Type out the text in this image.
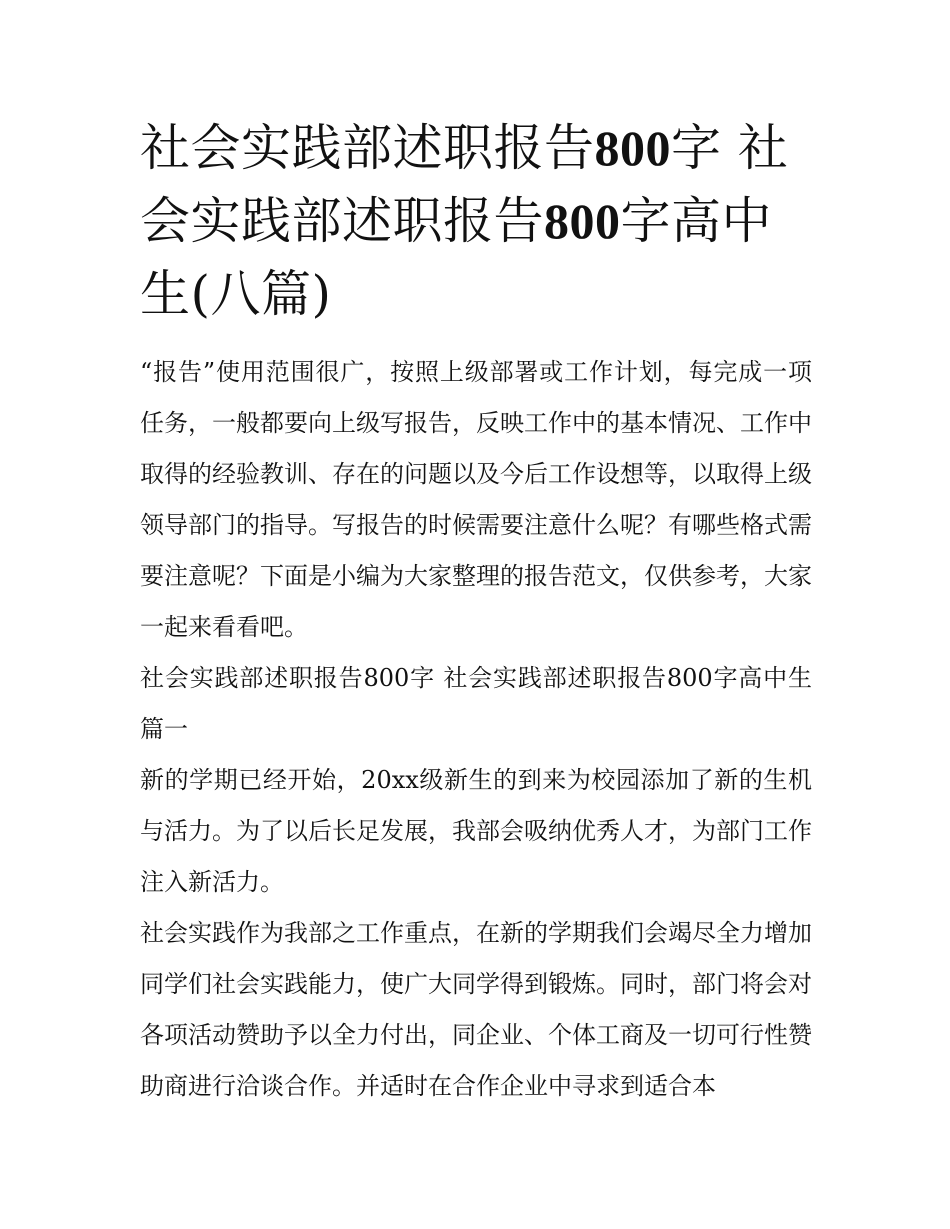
社会实践部述职报告800字 社会实践部述职报告800字高中生(八篇)

“报告”使用范围很广，按照上级部署或工作计划，每完成一项任务，一般都要向上级写报告，反映工作中的基本情况、工作中取得的经验教训、存在的问题以及今后工作设想等，以取得上级领导部门的指导。写报告的时候需要注意什么呢？有哪些格式需要注意呢？下面是小编为大家整理的报告范文，仅供参考，大家一起来看看吧。

社会实践部述职报告800字 社会实践部述职报告800字高中生篇一

新的学期已经开始，20xx级新生的到来为校园添加了新的生机与活力。为了以后长足发展，我部会吸纳优秀人才，为部门工作注入新活力。

社会实践作为我部之工作重点，在新的学期我们会竭尽全力增加同学们社会实践能力，使广大同学得到锻炼。同时，部门将会对各项活动赞助予以全力付出，同企业、个体工商及一切可行性赞助商进行洽谈合作。并适时在合作企业中寻求到适合本
